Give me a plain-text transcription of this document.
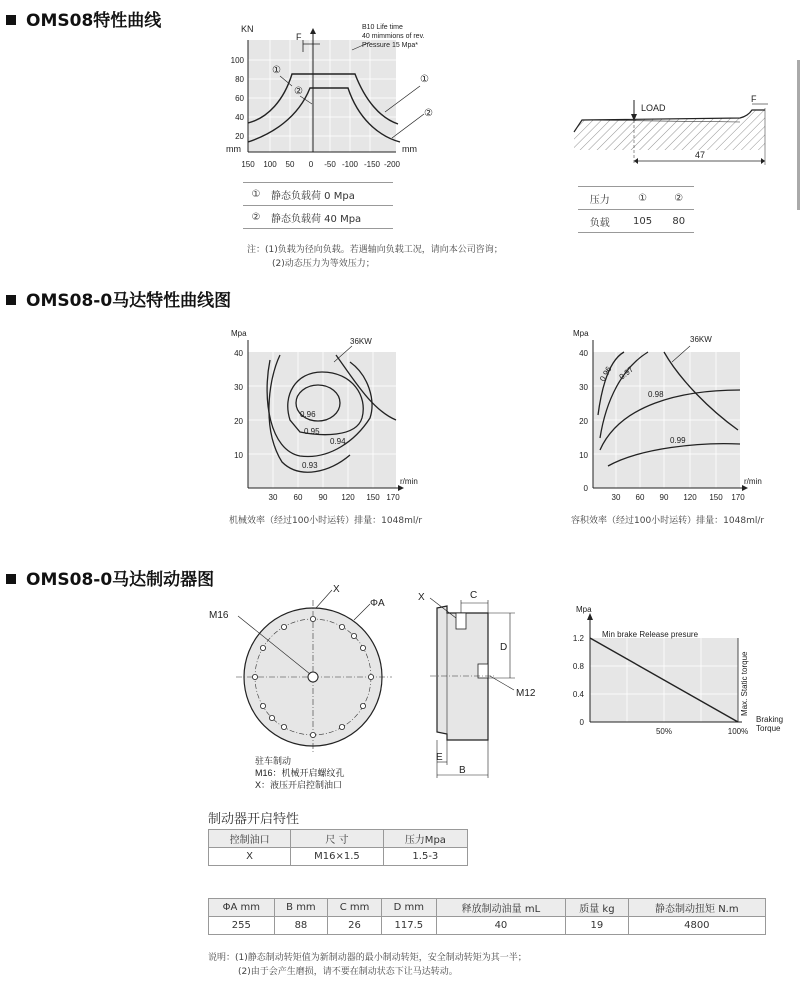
OMS08特性曲线
OMS08-0马达特性曲线图
OMS08-0马达制动器图
KN
mm	mm
F
B10 Life time
40 mimmions of rev.
Pressure 15 Mpa*
①
②
①
②
100
80
60
40
20
150 100 50 0 -50 -100 -150 -200
LOAD
F
47
Mpa
r/min
36KW
0.96
0.95
0.94
0.93
40
30
20
10
30 60 90 120 150 170
Mpa
r/min
36KW
0.96 0.97
0.98
0.99
40
30
20
10
0
30 60 90 120 150 170
X
ΦA
M16
驻车制动
M16：机械开启螺纹孔
X：液压开启控制油口
X	C
D
M12
E
B
Mpa
Min brake Release presure
Max. Static torque
Braking
Torque
1.2
0.8
0.4
0
50%	100%
①	静态负载荷 0 Mpa
②	静态负载荷 40 Mpa
压力	①	②
负载	105	80
注：(1)负载为径向负载。若遇轴向负载工况，请向本公司咨询；
(2)动态压力为等效压力；
机械效率（经过100小时运转）排量：1048ml/r	容积效率（经过100小时运转）排量：1048ml/r
制动器开启特性
控制油口	尺 寸	压力Mpa
X	M16×1.5	1.5-3
ΦA mm	B mm	C mm	D mm	释放制动油量 mL	质量 kg	静态制动扭矩 N.m
255	88	26	117.5	40	19	4800
说明：(1)静态制动转矩值为新制动器的最小制动转矩，安全制动转矩为其一半；
(2)由于会产生磨损，请不要在制动状态下让马达转动。
